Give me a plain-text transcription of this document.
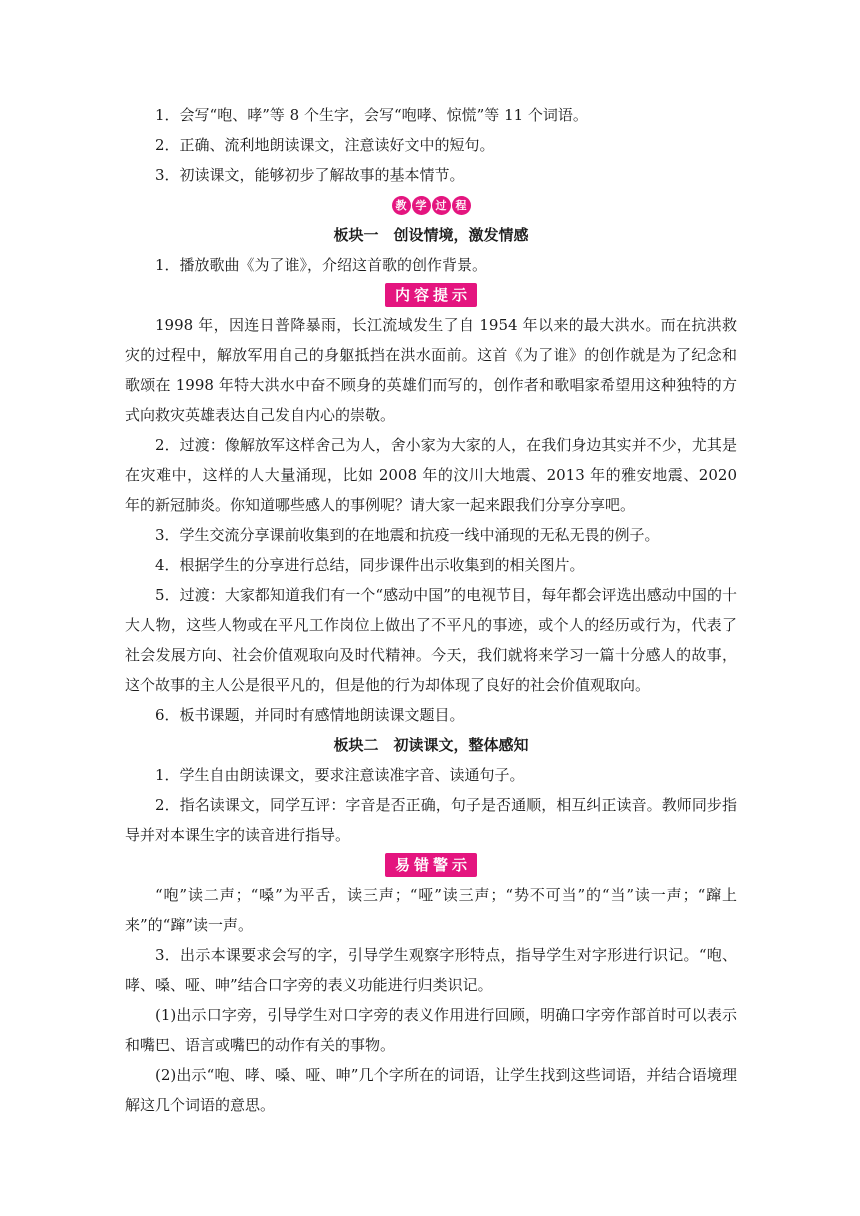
1．会写“咆、哮”等 8 个生字，会写“咆哮、惊慌”等 11 个词语。

2．正确、流利地朗读课文，注意读好文中的短句。

3．初读课文，能够初步了解故事的基本情节。

教 学 过 程

板块一　创设情境，激发情感

1．播放歌曲《为了谁》，介绍这首歌的创作背景。

内容提示

1998 年，因连日普降暴雨，长江流域发生了自 1954 年以来的最大洪水。而在抗洪救灾的过程中，解放军用自己的身躯抵挡在洪水面前。这首《为了谁》的创作就是为了纪念和歌颂在 1998 年特大洪水中奋不顾身的英雄们而写的，创作者和歌唱家希望用这种独特的方式向救灾英雄表达自己发自内心的崇敬。

2．过渡：像解放军这样舍己为人，舍小家为大家的人，在我们身边其实并不少，尤其是在灾难中，这样的人大量涌现，比如 2008 年的汶川大地震、2013 年的雅安地震、2020 年的新冠肺炎。你知道哪些感人的事例呢？请大家一起来跟我们分享分享吧。

3．学生交流分享课前收集到的在地震和抗疫一线中涌现的无私无畏的例子。

4．根据学生的分享进行总结，同步课件出示收集到的相关图片。

5．过渡：大家都知道我们有一个“感动中国”的电视节目，每年都会评选出感动中国的十大人物，这些人物或在平凡工作岗位上做出了不平凡的事迹，或个人的经历或行为，代表了社会发展方向、社会价值观取向及时代精神。今天，我们就将来学习一篇十分感人的故事，这个故事的主人公是很平凡的，但是他的行为却体现了良好的社会价值观取向。

6．板书课题，并同时有感情地朗读课文题目。

板块二　初读课文，整体感知

1．学生自由朗读课文，要求注意读准字音、读通句子。

2．指名读课文，同学互评：字音是否正确，句子是否通顺，相互纠正读音。教师同步指导并对本课生字的读音进行指导。

易错警示

“咆”读二声；“嗓”为平舌，读三声；“哑”读三声；“势不可当”的“当”读一声；“蹿上来”的“蹿”读一声。

3．出示本课要求会写的字，引导学生观察字形特点，指导学生对字形进行识记。“咆、哮、嗓、哑、呻”结合口字旁的表义功能进行归类识记。

(1)出示口字旁，引导学生对口字旁的表义作用进行回顾，明确口字旁作部首时可以表示和嘴巴、语言或嘴巴的动作有关的事物。

(2)出示“咆、哮、嗓、哑、呻”几个字所在的词语，让学生找到这些词语，并结合语境理解这几个词语的意思。
